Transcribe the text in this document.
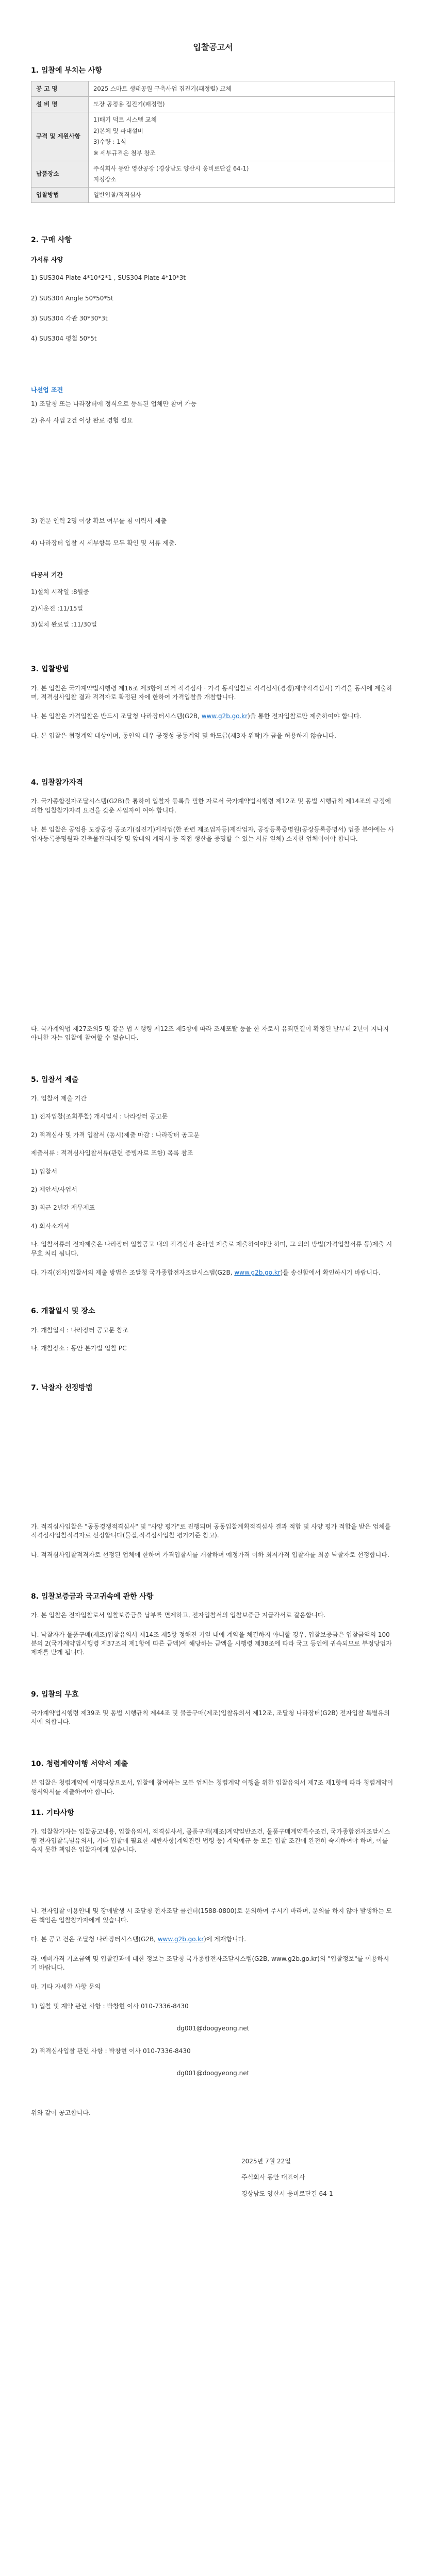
입찰공고서
1. 입찰에 부치는 사항
공 고 명	2025 스마트 생태공원 구축사업 집진기(패정렬) 교체
설 비 명	도장 공정용 집진기(패정렬)
규격 및 제원사항	1)배기 덕트 시스템 교체
2)본체 및 파대설비
3)수량 : 1식
※ 세부규격은 첨부 참조

납품장소	주식회사 동안 영산공장 (경상남도 양산시 웅비로단길 64-1)
지정장소

입찰방법	일반입찰/적격심사
2. 구매 사항
가서류 사양
1) SUS304 Plate 4*10*2*1 , SUS304 Plate 4*10*3t
2) SUS304 Angle 50*50*5t
3) SUS304 각관 30*30*3t
4) SUS304 평철 50*5t
나선업 조건
1) 조달청 또는 나라장터에 정식으로 등록된 업체만 참여 가능
2) 유사 사업 2건 이상 완료 경험 필요
3) 전문 인력 2명 이상 확보 여부를 첨 이력서 제출
4) 나라장터 입찰 시 세부항목 모두 확인 및 서류 제출.
다공서 기간
1)설치 시작일 :8월중
2)시운전 :11/15일
3)설치 완료일 :11/30일
3. 입찰방법
가. 본 입찰은 국가계약법시행령 제16조 제3항에 의거 적격심사 · 가격 동시입찰로 적격심사(경쟁)계약적격심사) 가격을 동시에 제출하며, 적격심사입찰 결과 적격자로 확정된 자에 한하여 가격입찰을 개찰합니다.
나. 본 입찰은 가격입찰은 반드시 조달청 나라장터시스템(G2B, www.g2b.go.kr)을 통한 전자입찰로만 제출하여야 합니다.
다. 본 입찰은 협정계약 대상이며, 동인의 대우 공정성 공동계약 및 하도급(제3자 위탁)가 금을 허용하지 않습니다.
4. 입찰참가자격
가. 국가종합전자조달시스템(G2B)을 통하여 입찰자 등록을 필한 자로서 국가계약법시행령 제12조 및 동법 시행규칙 제14조의 규정에 의한 입찰참가자격 요건을 갖춘 사업자이 여야 합니다.
나. 본 입찰은 공업용 도장공정 공조기(집진기)제작업(한 관련 제조업자등)제작업자, 공장등록증명원(공장등록증명서) 업종 분야에는 사업자등록증명원과 건축물관리대장 및 앞대의 계약서 등 직접 생산을 증명할 수 있는 서류 일체) 소지한 업체이어야 합니다.
다. 국가계약법 제27조의5 및 같은 법 시행령 제12조 제5항에 따라 조세포탈 등을 한 자로서 유죄판결이 확정된 날부터 2년이 지나지 아니한 자는 입찰에 참여할 수 없습니다.
5. 입찰서 제출
가. 입찰서 제출 기간
1) 전자입찰(조회투찰) 개시일시 : 나라장터 공고문
2) 적격심사 및 가격 입찰서 (동시)제출 마감 : 나라장터 공고문
제출서류 : 적격심사입찰서류(관련 증빙자료 포함) 목록 참조
1) 입찰서
2) 제안서/사업서
3) 최근 2년간 재무제표
4) 회사소개서
나. 입찰서류의 전자제출은 나라장터 입찰공고 내의 적격심사 온라인 제출로 제출하여야만 하며, 그 외의 방법(가격입찰서류 등)제출 시 무효 처리 됩니다.
다. 가격(전자)입찰서의 제출 방법은 조달청 국가종합전자조달시스템(G2B, www.g2b.go.kr)를 송신함에서 확인하시기 바랍니다.
6. 개찰일시 및 장소
가. 개찰일시 : 나라장터 공고문 참조
나. 개찰장소 : 동안 본가빌 입찰 PC
7. 낙찰자 선정방법
가. 적격심사입찰은 "공동경쟁적격심사" 및 "사양 평가"로 진행되며 공동입찰계획적격심사 결과 적합 및 사양 평가 적합을 받은 업체를 적격심사입찰적격자로 선정합니다(물질,적격심사입찰 평가기준 참고).
나. 적격심사입찰적격자로 선정된 업체에 한하여 가격입찰서를 개찰하며 예정가격 이하 최저가격 입찰자를 최종 낙찰자로 선정합니다.
8. 입찰보증금과 국고귀속에 관한 사항
가. 본 입찰은 전자입찰로서 입찰보증금을 납부를 면제하고, 전자입찰서의 입찰보증금 지급각서로 갈음합니다.
나. 낙찰자가 물품구매(제조)입찰유의서 제14조 제5항 정해진 기일 내에 계약을 체결하지 아니할 경우, 입찰보증금은 입찰금액의 100분의 2(국가계약법시행령 제37조의 제1항에 따른 금액)에 해당하는 금액을 시행령 제38조에 따라 국고 등인에 귀속되므로 부정당업자 제재를 받게 됩니다.
9. 입찰의 무효
국가계약법시행령 제39조 및 동법 시행규칙 제44조 및 물품구매(제조)입찰유의서 제12조, 조달청 나라장터(G2B) 전자입찰 특별유의서에 의합니다.
10. 청렴계약이행 서약서 제출
본 입찰은 청렴계약에 이행되상으로서, 입찰에 참여하는 모든 업체는 청렴계약 이행을 위한 입찰유의서 제7조 제1항에 따라 청렴계약이행서약서를 제출하여야 합니다.
11. 기타사항
가. 입찰참가자는 입찰공고내용, 입찰유의서, 적격심사서, 물품구매(제조)계약일반조건, 물품구매계약특수조건, 국가종합전자조달시스템 전자입찰특별유의서, 기타 입찰에 필요한 제반사항(계약관련 법령 등) 계약예규 등 모든 입찰 조건에 완전히 숙지하여야 하며, 이를 숙지 못한 책임은 입찰자에게 있습니다.
나. 전자입찰 이용안내 및 장애발생 시 조달청 전자조달 콜센터(1588-0800)로 문의하여 주시기 바라며, 문의를 하지 않아 발생하는 모든 책임은 입찰참가자에게 있습니다.
다. 본 공고 건은 조달청 나라장터시스템(G2B, www.g2b.go.kr)에 게재합니다.
라. 예비가격 기초금액 및 입찰결과에 대한 정보는 조달청 국가종합전자조달시스템(G2B, www.g2b.go.kr)의 "입찰정보"를 이용하시기 바랍니다.
마. 기타 자세한 사항 문의
1) 입찰 및 계약 관련 사항 : 박창현 이사 010-7336-8430
dg001@doogyeong.net
2) 적격심사입찰 관련 사항 : 박창현 이사 010-7336-8430
dg001@doogyeong.net
위와 같이 공고합니다.
2025년 7월 22일
주식회사 동안 대표이사
경상남도 양산시 웅비로단길 64-1
